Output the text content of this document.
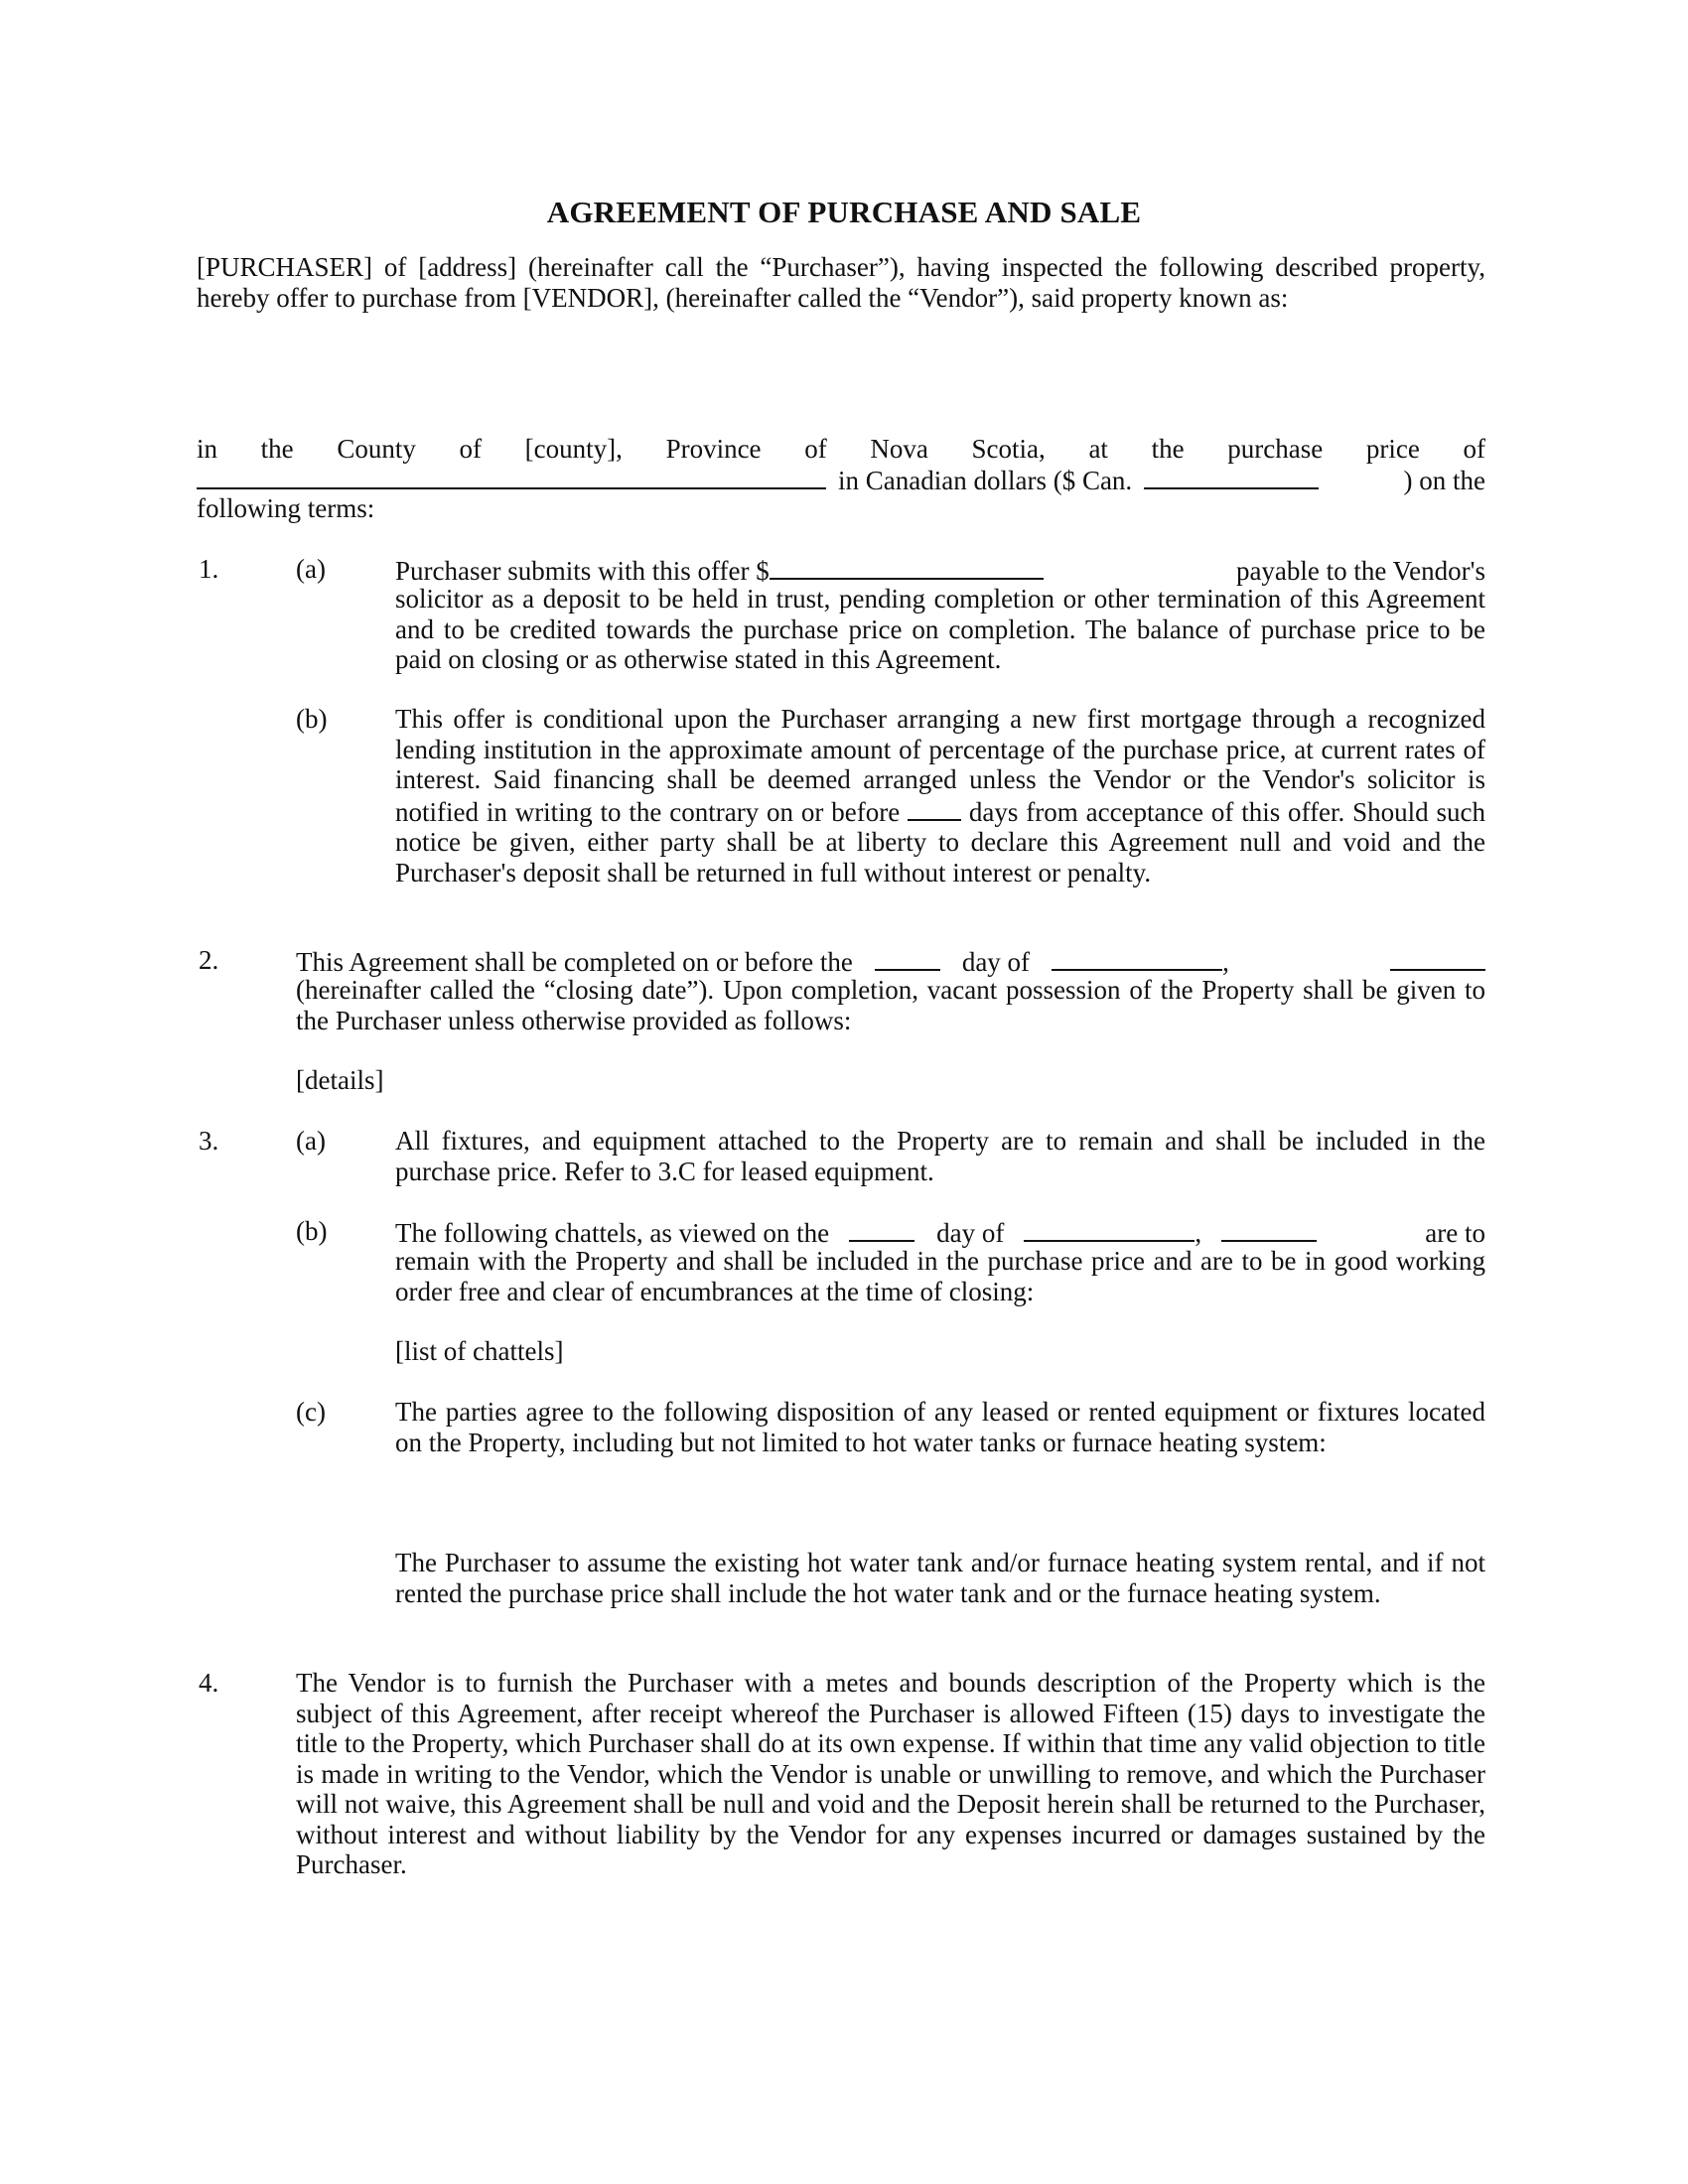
AGREEMENT OF PURCHASE AND SALE

[PURCHASER] of [address] (hereinafter call the “Purchaser”), having inspected the following described property, hereby offer to purchase from [VENDOR], (hereinafter called the “Vendor”), said property known as:

in the County of [county], Province of Nova Scotia, at the purchase price of

in Canadian dollars ($ Can.	) on the

following terms:

1.	(a)	Purchaser submits with this offer $	payable to the Vendor's

solicitor as a deposit to be held in trust, pending completion or other termination of this Agreement and to be credited towards the purchase price on completion. The balance of purchase price to be paid on closing or as otherwise stated in this Agreement.

(b)	This offer is conditional upon the Purchaser arranging a new first mortgage through a recognized lending institution in the approximate amount of percentage of the purchase price, at current rates of interest. Said financing shall be deemed arranged unless the Vendor or the Vendor's solicitor is notified in writing to the contrary on or before	days from acceptance of this offer. Should such notice be given, either party shall be at liberty to declare this Agreement null and void and the Purchaser's deposit shall be returned in full without interest or penalty.

2.	This Agreement shall be completed on or before the	day of	,

(hereinafter called the “closing date”). Upon completion, vacant possession of the Property shall be given to the Purchaser unless otherwise provided as follows:

[details]

3.	(a)	All fixtures, and equipment attached to the Property are to remain and shall be included in the purchase price. Refer to 3.C for leased equipment.

(b)	The following chattels, as viewed on the	day of	,	are to

remain with the Property and shall be included in the purchase price and are to be in good working order free and clear of encumbrances at the time of closing:

[list of chattels]

(c)	The parties agree to the following disposition of any leased or rented equipment or fixtures located on the Property, including but not limited to hot water tanks or furnace heating system:

The Purchaser to assume the existing hot water tank and/or furnace heating system rental, and if not rented the purchase price shall include the hot water tank and or the furnace heating system.

4.	The Vendor is to furnish the Purchaser with a metes and bounds description of the Property which is the subject of this Agreement, after receipt whereof the Purchaser is allowed Fifteen (15) days to investigate the title to the Property, which Purchaser shall do at its own expense. If within that time any valid objection to title is made in writing to the Vendor, which the Vendor is unable or unwilling to remove, and which the Purchaser will not waive, this Agreement shall be null and void and the Deposit herein shall be returned to the Purchaser, without interest and without liability by the Vendor for any expenses incurred or damages sustained by the Purchaser.
